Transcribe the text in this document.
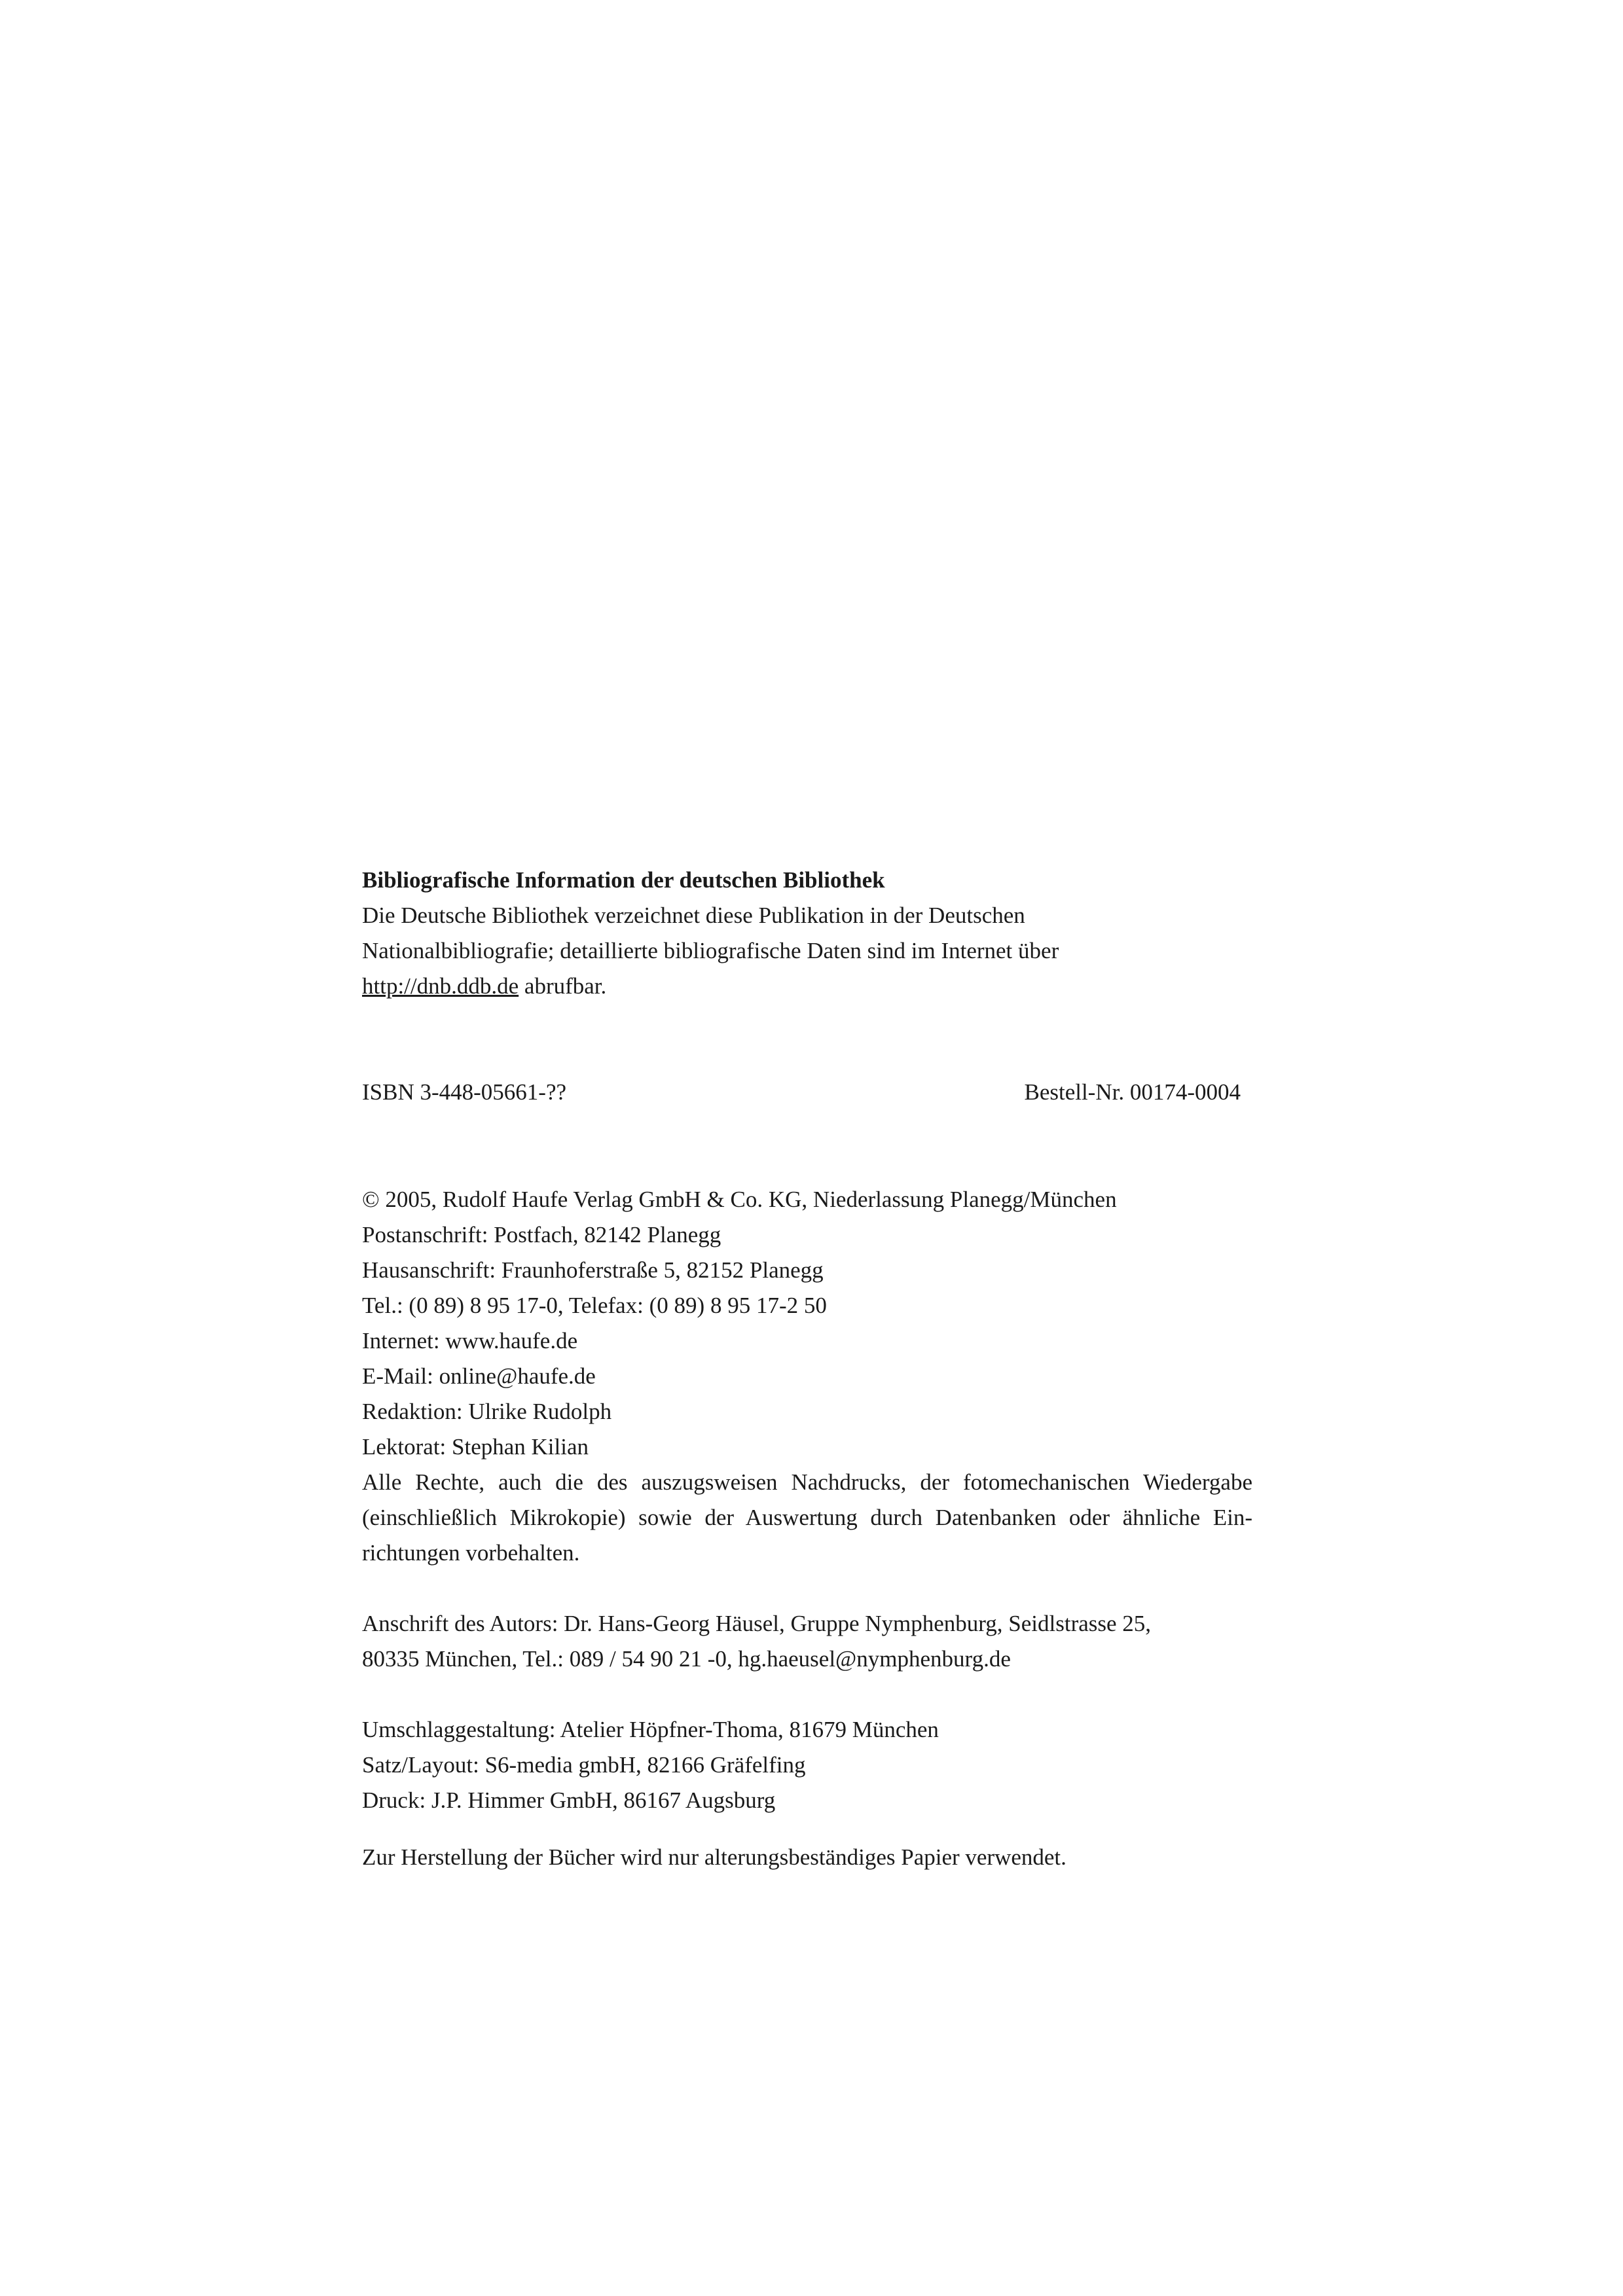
Bibliografische Information der deutschen Bibliothek
Die Deutsche Bibliothek verzeichnet diese Publikation in der Deutschen
Nationalbibliografie; detaillierte bibliografische Daten sind im Internet über
http://dnb.ddb.de abrufbar.
ISBN 3-448-05661-??	Bestell-Nr. 00174-0004
© 2005, Rudolf Haufe Verlag GmbH & Co. KG, Niederlassung Planegg/München
Postanschrift: Postfach, 82142 Planegg
Hausanschrift: Fraunhoferstraße 5, 82152 Planegg
Tel.: (0 89) 8 95 17-0, Telefax: (0 89) 8 95 17-2 50
Internet: www.haufe.de
E-Mail: online@haufe.de
Redaktion: Ulrike Rudolph
Lektorat: Stephan Kilian
Alle Rechte, auch die des auszugsweisen Nachdrucks, der fotomechanischen Wiedergabe
(einschließlich Mikrokopie) sowie der Auswertung durch Datenbanken oder ähnliche Ein-
richtungen vorbehalten.
Anschrift des Autors: Dr. Hans-Georg Häusel, Gruppe Nymphenburg, Seidlstrasse 25,
80335 München, Tel.: 089 / 54 90 21 -0, hg.haeusel@nymphenburg.de
Umschlaggestaltung: Atelier Höpfner-Thoma, 81679 München
Satz/Layout: S6-media gmbH, 82166 Gräfelfing
Druck: J.P. Himmer GmbH, 86167 Augsburg
Zur Herstellung der Bücher wird nur alterungsbeständiges Papier verwendet.
